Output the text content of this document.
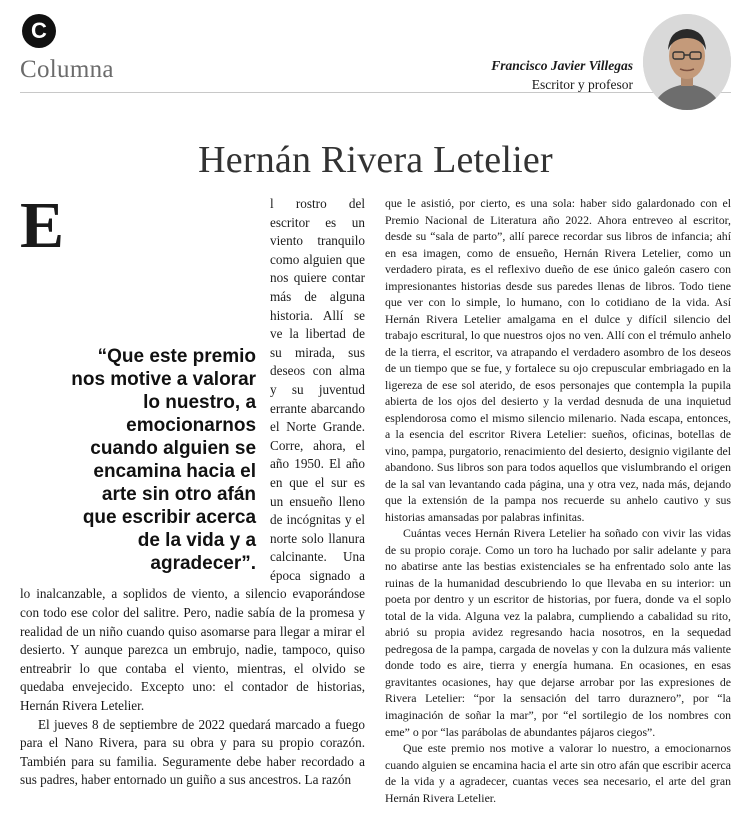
C
Columna	Francisco Javier Villegas
Escritor y profesor
Hernán Rivera Letelier

E
“Que este premio nos motive a valorar lo nuestro, a emocionarnos cuando alguien se encamina hacia el arte sin otro afán que escribir acerca de la vida y a agradecer”.
l rostro del escritor es un viento tranquilo como alguien que nos quiere contar más de alguna historia. Allí se ve la libertad de su mirada, sus deseos con alma y su juventud errante abarcando el Norte Grande. Corre, ahora, el año 1950. El año en que el sur es un ensueño lleno de incógnitas y el norte solo llanura calcinante. Una época signado a lo inalcanzable, a soplidos de viento, a silencio evaporándose con todo ese color del salitre. Pero, nadie sabía de la promesa y realidad de un niño cuando quiso asomarse para llegar a mirar el desierto. Y aunque parezca un embrujo, nadie, tampoco, quiso entreabrir lo que contaba el viento, mientras, el olvido se quedaba envejecido. Excepto uno: el contador de historias, Hernán Rivera Letelier.

El jueves 8 de septiembre de 2022 quedará marcado a fuego para el Nano Rivera, para su obra y para su propio corazón. También para su familia. Seguramente debe haber recordado a sus padres, haber entornado un guiño a sus ancestros. La razón

que le asistió, por cierto, es una sola: haber sido galardonado con el Premio Nacional de Literatura año 2022. Ahora entreveo al escritor, desde su “sala de parto”, allí parece recordar sus libros de infancia; ahí en esa imagen, como de ensueño, Hernán Rivera Letelier, como un verdadero pirata, es el reflexivo dueño de ese único galeón casero con impresionantes historias desde sus paredes llenas de libros. Todo tiene que ver con lo simple, lo humano, con lo cotidiano de la vida. Así Hernán Rivera Letelier amalgama en el dulce y difícil silencio del trabajo escritural, lo que nuestros ojos no ven. Allí con el trémulo anhelo de la tierra, el escritor, va atrapando el verdadero asombro de los deseos de un tiempo que se fue, y fortalece su ojo crepuscular embriagado en la ligereza de ese sol aterido, de esos personajes que contempla la pupila abierta de los ojos del desierto y la verdad desnuda de una inquietud esplendorosa como el mismo silencio milenario. Nada escapa, entonces, a la esencia del escritor Rivera Letelier: sueños, oficinas, botellas de vino, pampa, purgatorio, renacimiento del desierto, designio vigilante del abandono. Sus libros son para todos aquellos que vislumbrando el origen de la sal van levantando cada página, una y otra vez, nada más, dejando que la extensión de la pampa nos recuerde su anhelo cautivo y sus historias amansadas por palabras infinitas.

Cuántas veces Hernán Rivera Letelier ha soñado con vivir las vidas de su propio coraje. Como un toro ha luchado por salir adelante y para no abatirse ante las bestias existenciales se ha enfrentado solo ante las ruinas de la humanidad descubriendo lo que llevaba en su interior: un poeta por dentro y un escritor de historias, por fuera, donde va el soplo total de la vida. Alguna vez la palabra, cumpliendo a cabalidad su rito, abrió su propia avidez regresando hacia nosotros, en la sequedad pedregosa de la pampa, cargada de novelas y con la dulzura más valiente donde todo es aire, tierra y energía humana. En ocasiones, en esas gravitantes ocasiones, hay que dejarse arrobar por las expresiones de Rivera Letelier: “por la sensación del tarro duraznero”, por “la imaginación de soñar la mar”, por “el sortilegio de los nombres con eme” o por “las parábolas de abundantes pájaros ciegos”.

Que este premio nos motive a valorar lo nuestro, a emocionarnos cuando alguien se encamina hacia el arte sin otro afán que escribir acerca de la vida y a agradecer, cuantas veces sea necesario, el arte del gran Hernán Rivera Letelier.
